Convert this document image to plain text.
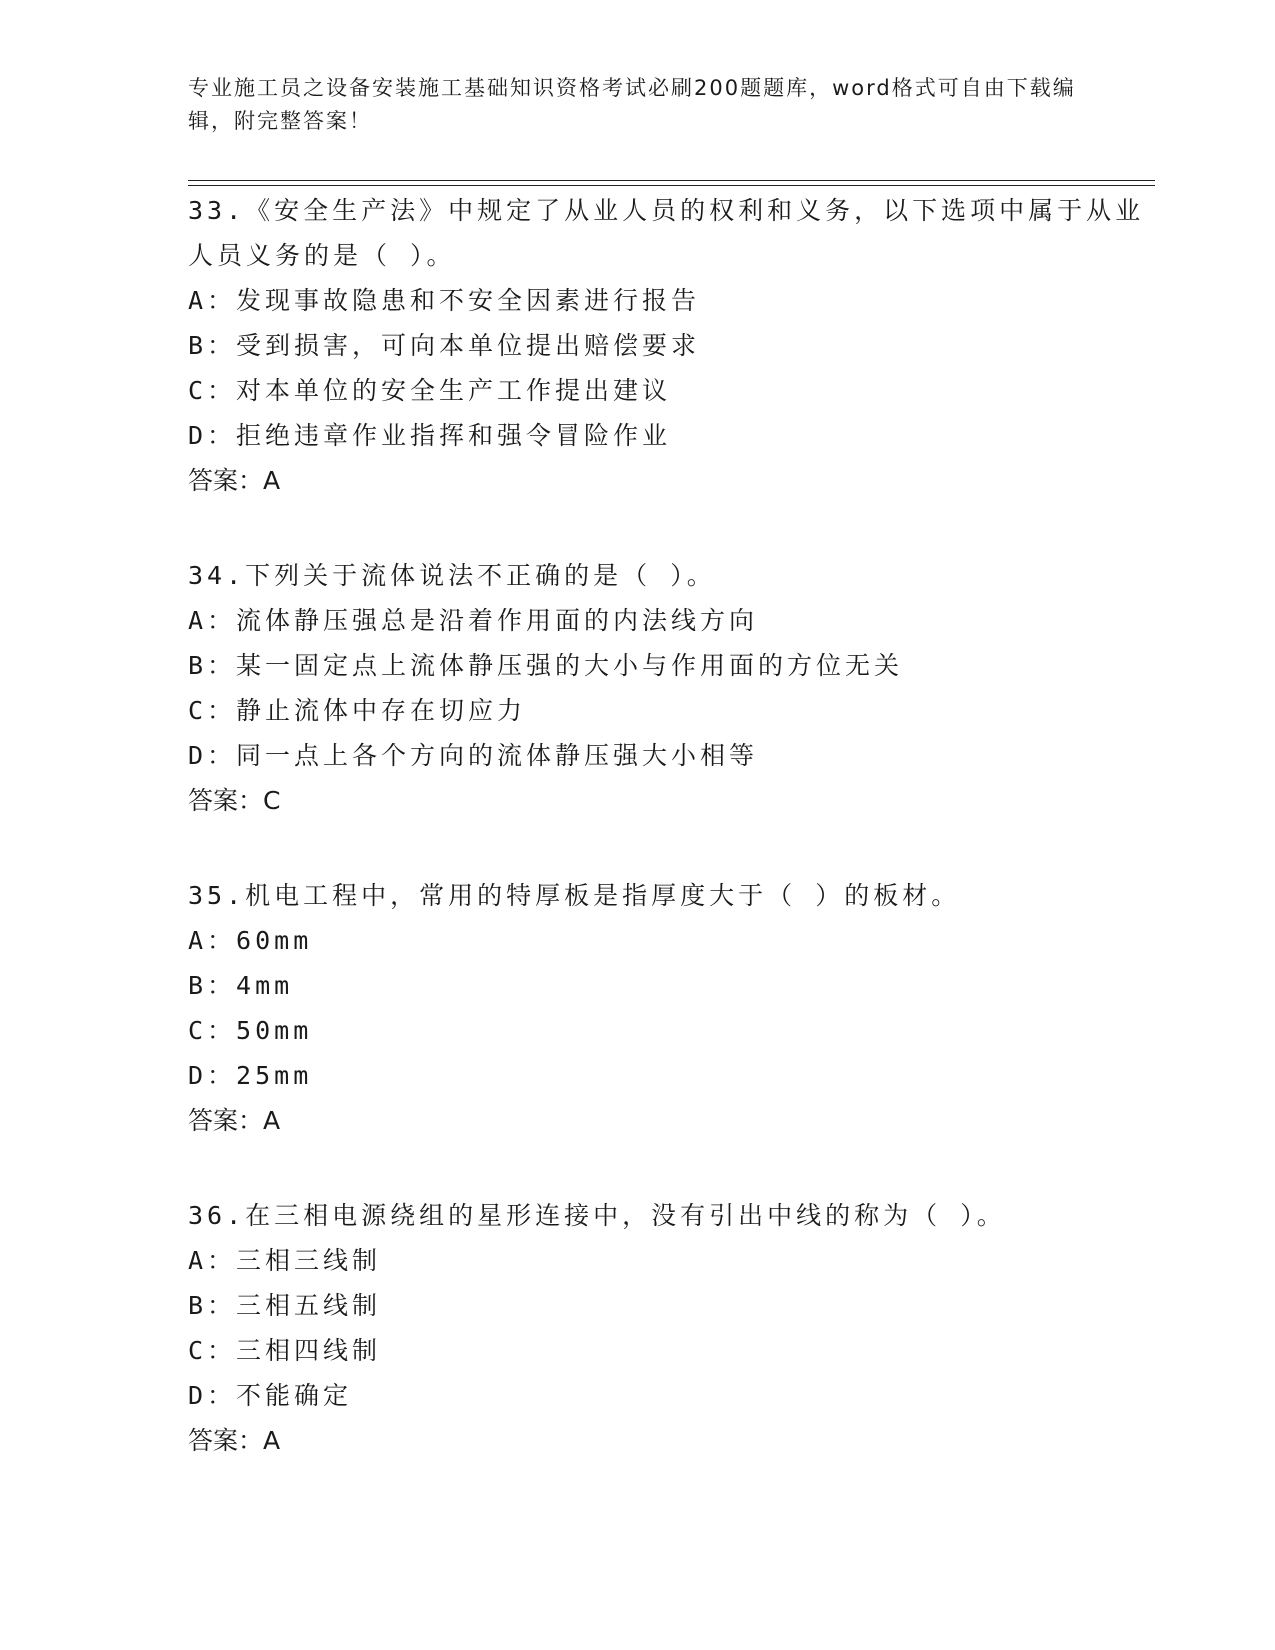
专业施工员之设备安装施工基础知识资格考试必刷200题题库，word格式可自由下载编辑，附完整答案！

33.《安全生产法》中规定了从业人员的权利和义务，以下选项中属于从业人员义务的是（ ）。

A：发现事故隐患和不安全因素进行报告

B：受到损害，可向本单位提出赔偿要求

C：对本单位的安全生产工作提出建议

D：拒绝违章作业指挥和强令冒险作业

答案：A

34.下列关于流体说法不正确的是（ ）。

A：流体静压强总是沿着作用面的内法线方向

B：某一固定点上流体静压强的大小与作用面的方位无关

C：静止流体中存在切应力

D：同一点上各个方向的流体静压强大小相等

答案：C

35.机电工程中，常用的特厚板是指厚度大于（ ）的板材。

A：60mm

B：4mm

C：50mm

D：25mm

答案：A

36.在三相电源绕组的星形连接中，没有引出中线的称为（ ）。

A：三相三线制

B：三相五线制

C：三相四线制

D：不能确定

答案：A
